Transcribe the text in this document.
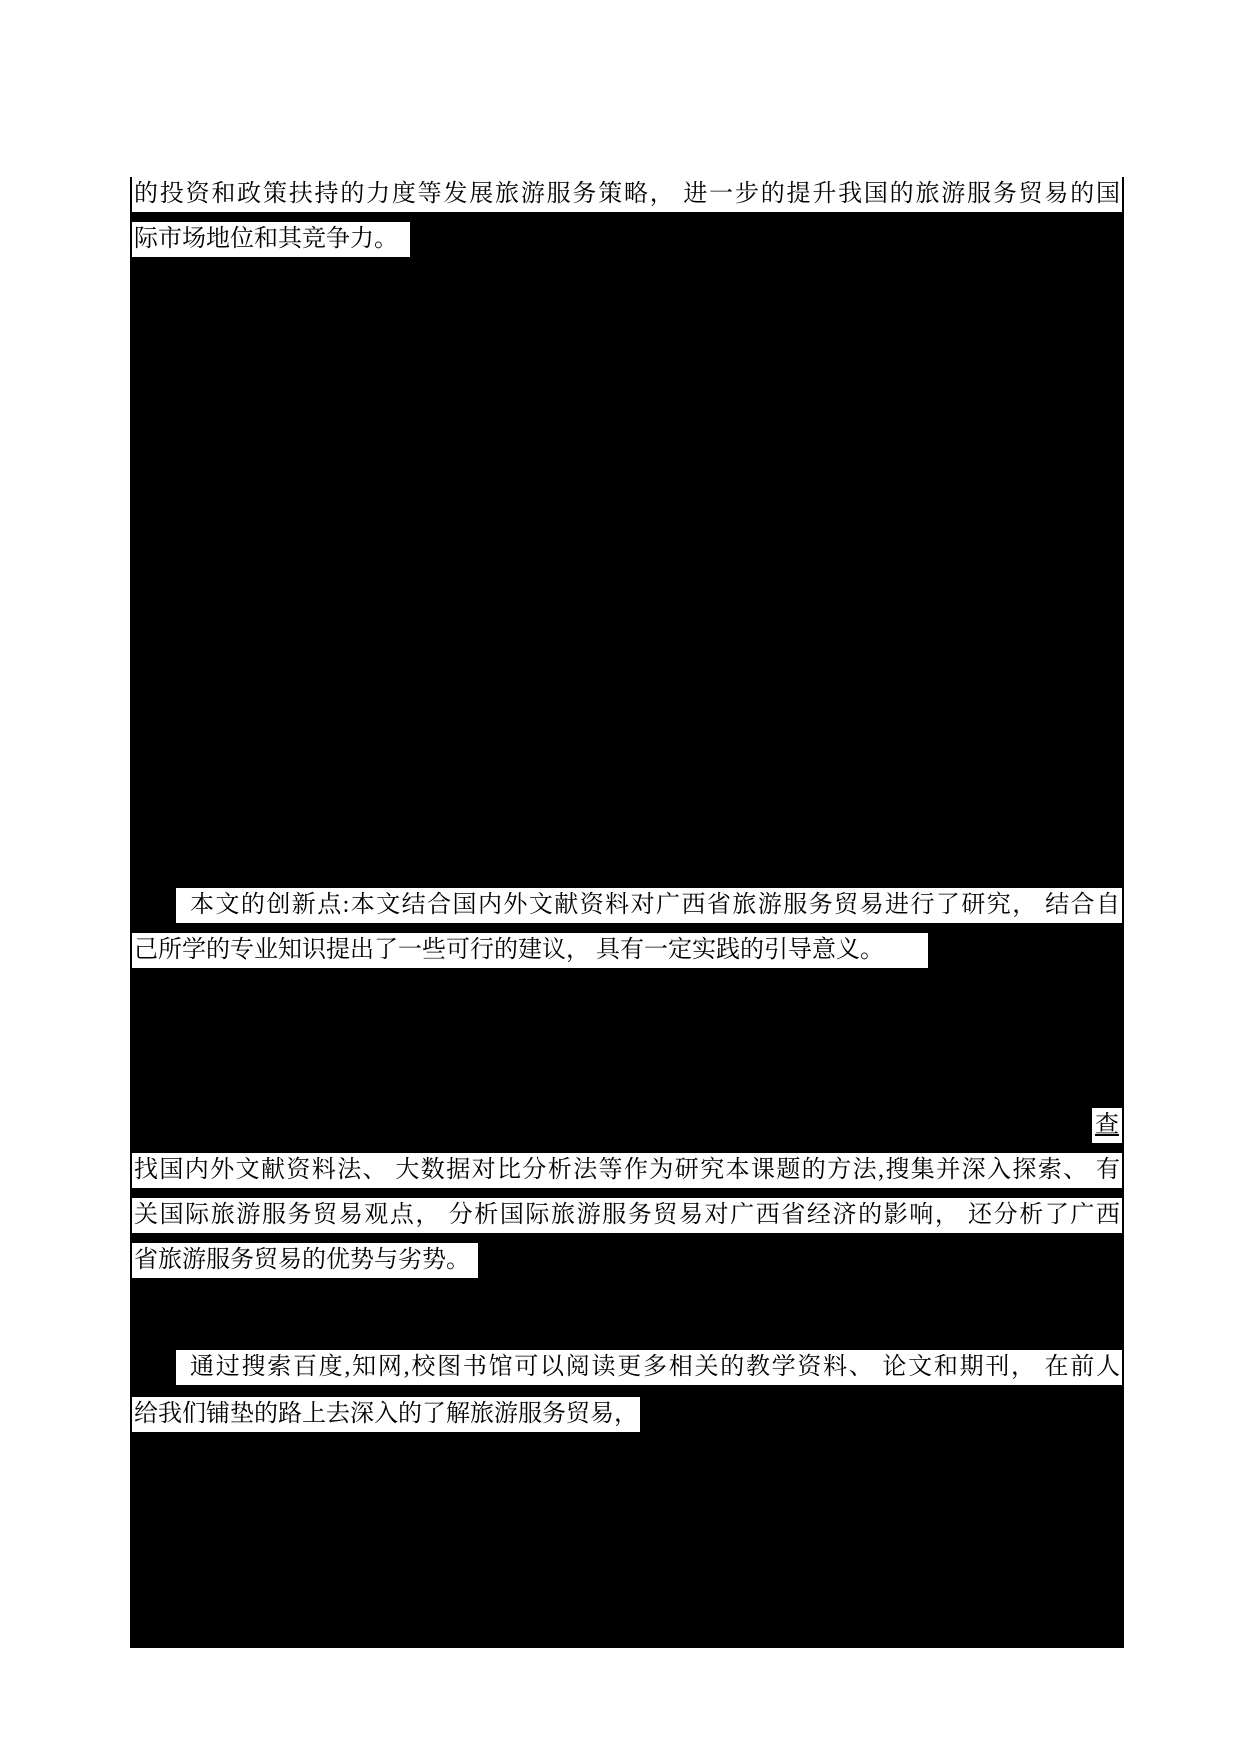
的投资和政策扶持的力度等发展旅游服务策略， 进一步的提升我国的旅游服务贸易的国
际市场地位和其竞争力。
本文的创新点:本文结合国内外文献资料对广西省旅游服务贸易进行了研究， 结合自
己所学的专业知识提出了一些可行的建议， 具有一定实践的引导意义。
查
找国内外文献资料法、 大数据对比分析法等作为研究本课题的方法,搜集并深入探索、 有
关国际旅游服务贸易观点， 分析国际旅游服务贸易对广西省经济的影响， 还分析了广西
省旅游服务贸易的优势与劣势。
通过搜索百度,知网,校图书馆可以阅读更多相关的教学资料、 论文和期刊， 在前人
给我们铺垫的路上去深入的了解旅游服务贸易，
